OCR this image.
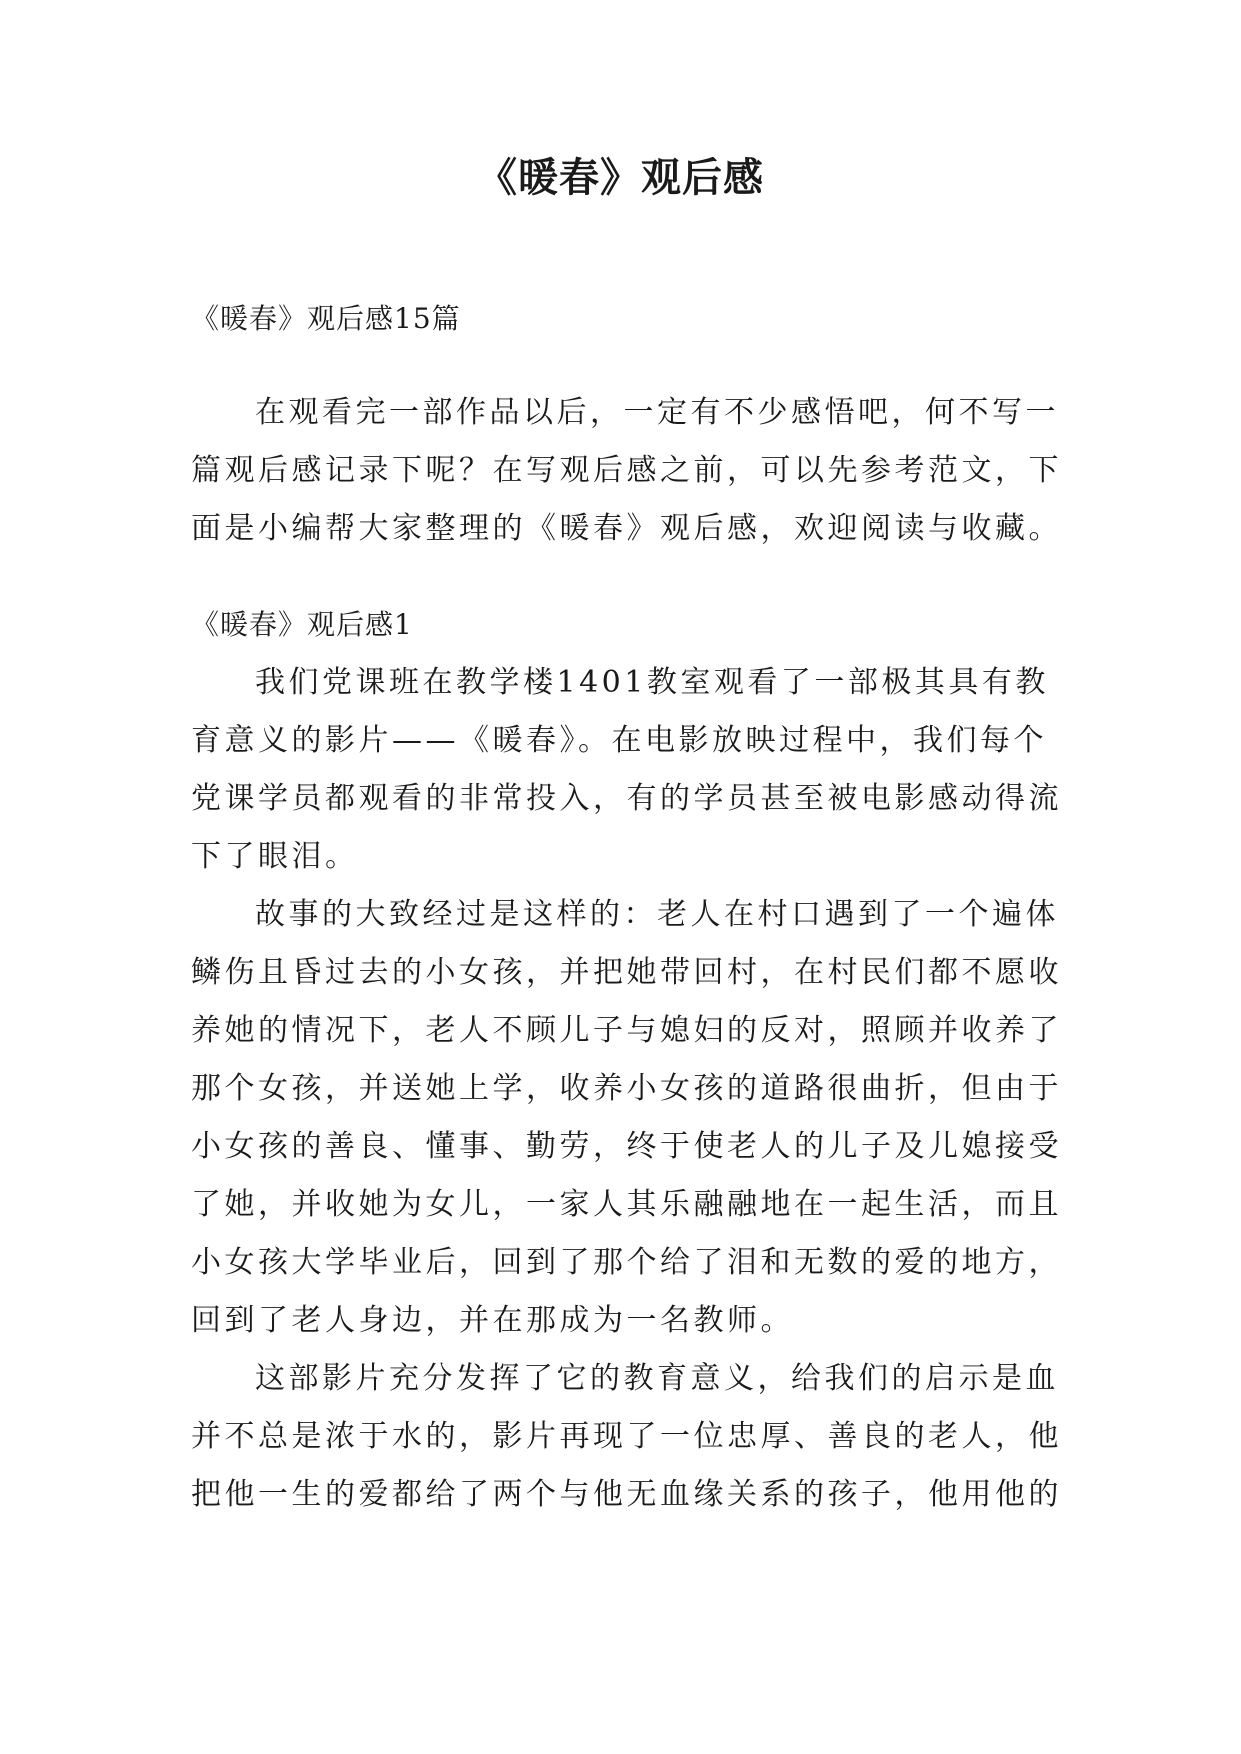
《暖春》观后感
《暖春》观后感15篇
在观看完一部作品以后，一定有不少感悟吧，何不写一
篇观后感记录下呢？在写观后感之前，可以先参考范文，下
面是小编帮大家整理的《暖春》观后感，欢迎阅读与收藏。
《暖春》观后感1
我们党课班在教学楼1401教室观看了一部极其具有教
育意义的影片——《暖春》。在电影放映过程中，我们每个
党课学员都观看的非常投入，有的学员甚至被电影感动得流
下了眼泪。
故事的大致经过是这样的：老人在村口遇到了一个遍体
鳞伤且昏过去的小女孩，并把她带回村，在村民们都不愿收
养她的情况下，老人不顾儿子与媳妇的反对，照顾并收养了
那个女孩，并送她上学，收养小女孩的道路很曲折，但由于
小女孩的善良、懂事、勤劳，终于使老人的儿子及儿媳接受
了她，并收她为女儿，一家人其乐融融地在一起生活，而且
小女孩大学毕业后，回到了那个给了泪和无数的爱的地方，
回到了老人身边，并在那成为一名教师。
这部影片充分发挥了它的教育意义，给我们的启示是血
并不总是浓于水的，影片再现了一位忠厚、善良的老人，他
把他一生的爱都给了两个与他无血缘关系的孩子，他用他的
